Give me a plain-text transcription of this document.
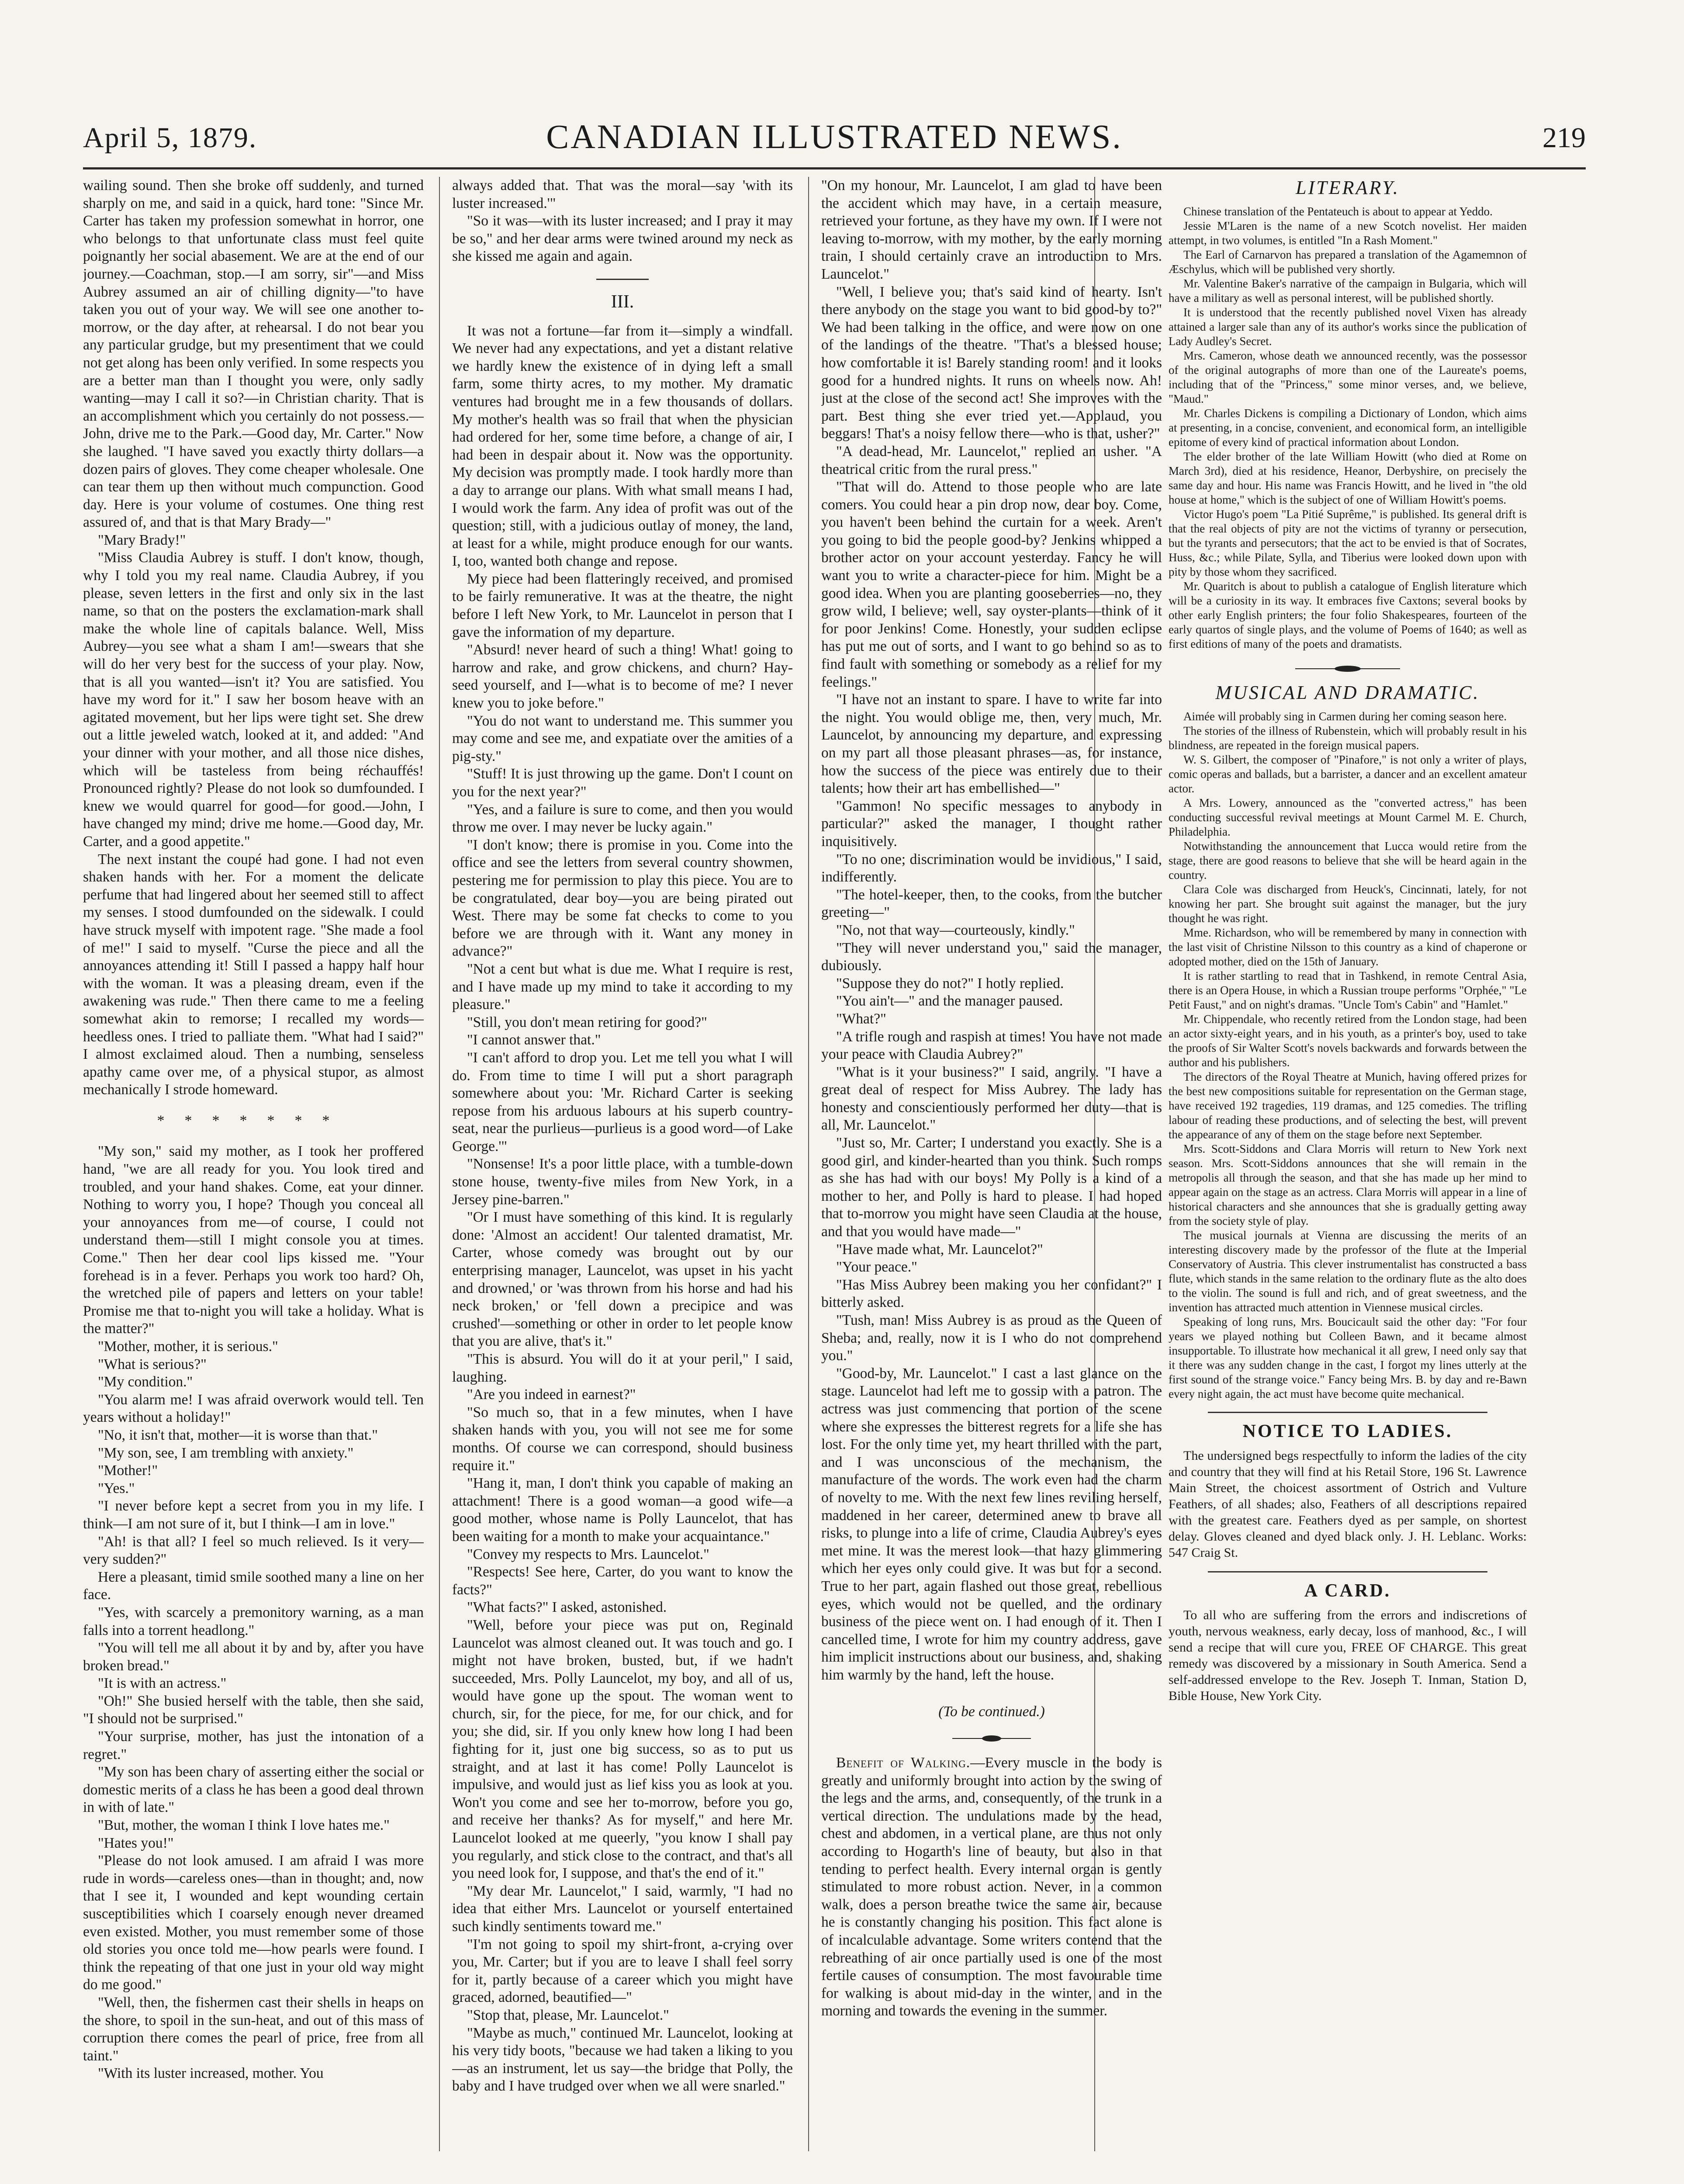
April 5, 1879.	CANADIAN ILLUSTRATED NEWS.	219

wailing sound. Then she broke off suddenly, and turned sharply on me, and said in a quick, hard tone: "Since Mr. Carter has taken my profession somewhat in horror, one who belongs to that unfortunate class must feel quite poignantly her social abasement. We are at the end of our journey.—Coachman, stop.—I am sorry, sir"—and Miss Aubrey assumed an air of chilling dignity—"to have taken you out of your way. We will see one another to-morrow, or the day after, at rehearsal. I do not bear you any particular grudge, but my presentiment that we could not get along has been only verified. In some respects you are a better man than I thought you were, only sadly wanting—may I call it so?—in Christian charity. That is an accomplishment which you certainly do not possess.—John, drive me to the Park.—Good day, Mr. Carter." Now she laughed. "I have saved you exactly thirty dollars—a dozen pairs of gloves. They come cheaper wholesale. One can tear them up then without much compunction. Good day. Here is your volume of costumes. One thing rest assured of, and that is that Mary Brady—"

"Mary Brady!"

"Miss Claudia Aubrey is stuff. I don't know, though, why I told you my real name. Claudia Aubrey, if you please, seven letters in the first and only six in the last name, so that on the posters the exclamation-mark shall make the whole line of capitals balance. Well, Miss Aubrey—you see what a sham I am!—swears that she will do her very best for the success of your play. Now, that is all you wanted—isn't it? You are satisfied. You have my word for it." I saw her bosom heave with an agitated movement, but her lips were tight set. She drew out a little jeweled watch, looked at it, and added: "And your dinner with your mother, and all those nice dishes, which will be tasteless from being réchauffés! Pronounced rightly? Please do not look so dumfounded. I knew we would quarrel for good—for good.—John, I have changed my mind; drive me home.—Good day, Mr. Carter, and a good appetite."

The next instant the coupé had gone. I had not even shaken hands with her. For a moment the delicate perfume that had lingered about her seemed still to affect my senses. I stood dumfounded on the sidewalk. I could have struck myself with impotent rage. "She made a fool of me!" I said to myself. "Curse the piece and all the annoyances attending it! Still I passed a happy half hour with the woman. It was a pleasing dream, even if the awakening was rude." Then there came to me a feeling somewhat akin to remorse; I recalled my words—heedless ones. I tried to palliate them. "What had I said?" I almost exclaimed aloud. Then a numbing, senseless apathy came over me, of a physical stupor, as almost mechanically I strode homeward.

*******

"My son," said my mother, as I took her proffered hand, "we are all ready for you. You look tired and troubled, and your hand shakes. Come, eat your dinner. Nothing to worry you, I hope? Though you conceal all your annoyances from me—of course, I could not understand them—still I might console you at times. Come." Then her dear cool lips kissed me. "Your forehead is in a fever. Perhaps you work too hard? Oh, the wretched pile of papers and letters on your table! Promise me that to-night you will take a holiday. What is the matter?"

"Mother, mother, it is serious."

"What is serious?"

"My condition."

"You alarm me! I was afraid overwork would tell. Ten years without a holiday!"

"No, it isn't that, mother—it is worse than that."

"My son, see, I am trembling with anxiety."

"Mother!"

"Yes."

"I never before kept a secret from you in my life. I think—I am not sure of it, but I think—I am in love."

"Ah! is that all? I feel so much relieved. Is it very—very sudden?"

Here a pleasant, timid smile soothed many a line on her face.

"Yes, with scarcely a premonitory warning, as a man falls into a torrent headlong."

"You will tell me all about it by and by, after you have broken bread."

"It is with an actress."

"Oh!" She busied herself with the table, then she said, "I should not be surprised."

"Your surprise, mother, has just the intonation of a regret."

"My son has been chary of asserting either the social or domestic merits of a class he has been a good deal thrown in with of late."

"But, mother, the woman I think I love hates me."

"Hates you!"

"Please do not look amused. I am afraid I was more rude in words—careless ones—than in thought; and, now that I see it, I wounded and kept wounding certain susceptibilities which I coarsely enough never dreamed even existed. Mother, you must remember some of those old stories you once told me—how pearls were found. I think the repeating of that one just in your old way might do me good."

"Well, then, the fishermen cast their shells in heaps on the shore, to spoil in the sun-heat, and out of this mass of corruption there comes the pearl of price, free from all taint."

"With its luster increased, mother. You

always added that. That was the moral—say 'with its luster increased.'"

"So it was—with its luster increased; and I pray it may be so," and her dear arms were twined around my neck as she kissed me again and again.

III.

It was not a fortune—far from it—simply a windfall. We never had any expectations, and yet a distant relative we hardly knew the existence of in dying left a small farm, some thirty acres, to my mother. My dramatic ventures had brought me in a few thousands of dollars. My mother's health was so frail that when the physician had ordered for her, some time before, a change of air, I had been in despair about it. Now was the opportunity. My decision was promptly made. I took hardly more than a day to arrange our plans. With what small means I had, I would work the farm. Any idea of profit was out of the question; still, with a judicious outlay of money, the land, at least for a while, might produce enough for our wants. I, too, wanted both change and repose.

My piece had been flatteringly received, and promised to be fairly remunerative. It was at the theatre, the night before I left New York, to Mr. Launcelot in person that I gave the information of my departure.

"Absurd! never heard of such a thing! What! going to harrow and rake, and grow chickens, and churn? Hay-seed yourself, and I—what is to become of me? I never knew you to joke before."

"You do not want to understand me. This summer you may come and see me, and expatiate over the amities of a pig-sty."

"Stuff! It is just throwing up the game. Don't I count on you for the next year?"

"Yes, and a failure is sure to come, and then you would throw me over. I may never be lucky again."

"I don't know; there is promise in you. Come into the office and see the letters from several country showmen, pestering me for permission to play this piece. You are to be congratulated, dear boy—you are being pirated out West. There may be some fat checks to come to you before we are through with it. Want any money in advance?"

"Not a cent but what is due me. What I require is rest, and I have made up my mind to take it according to my pleasure."

"Still, you don't mean retiring for good?"

"I cannot answer that."

"I can't afford to drop you. Let me tell you what I will do. From time to time I will put a short paragraph somewhere about you: 'Mr. Richard Carter is seeking repose from his arduous labours at his superb country-seat, near the purlieus—purlieus is a good word—of Lake George.'"

"Nonsense! It's a poor little place, with a tumble-down stone house, twenty-five miles from New York, in a Jersey pine-barren."

"Or I must have something of this kind. It is regularly done: 'Almost an accident! Our talented dramatist, Mr. Carter, whose comedy was brought out by our enterprising manager, Launcelot, was upset in his yacht and drowned,' or 'was thrown from his horse and had his neck broken,' or 'fell down a precipice and was crushed'—something or other in order to let people know that you are alive, that's it."

"This is absurd. You will do it at your peril," I said, laughing.

"Are you indeed in earnest?"

"So much so, that in a few minutes, when I have shaken hands with you, you will not see me for some months. Of course we can correspond, should business require it."

"Hang it, man, I don't think you capable of making an attachment! There is a good woman—a good wife—a good mother, whose name is Polly Launcelot, that has been waiting for a month to make your acquaintance."

"Convey my respects to Mrs. Launcelot."

"Respects! See here, Carter, do you want to know the facts?"

"What facts?" I asked, astonished.

"Well, before your piece was put on, Reginald Launcelot was almost cleaned out. It was touch and go. I might not have broken, busted, but, if we hadn't succeeded, Mrs. Polly Launcelot, my boy, and all of us, would have gone up the spout. The woman went to church, sir, for the piece, for me, for our chick, and for you; she did, sir. If you only knew how long I had been fighting for it, just one big success, so as to put us straight, and at last it has come! Polly Launcelot is impulsive, and would just as lief kiss you as look at you. Won't you come and see her to-morrow, before you go, and receive her thanks? As for myself," and here Mr. Launcelot looked at me queerly, "you know I shall pay you regularly, and stick close to the contract, and that's all you need look for, I suppose, and that's the end of it."

"My dear Mr. Launcelot," I said, warmly, "I had no idea that either Mrs. Launcelot or yourself entertained such kindly sentiments toward me."

"I'm not going to spoil my shirt-front, a-crying over you, Mr. Carter; but if you are to leave I shall feel sorry for it, partly because of a career which you might have graced, adorned, beautified—"

"Stop that, please, Mr. Launcelot."

"Maybe as much," continued Mr. Launcelot, looking at his very tidy boots, "because we had taken a liking to you—as an instrument, let us say—the bridge that Polly, the baby and I have trudged over when we all were snarled."

"On my honour, Mr. Launcelot, I am glad to have been the accident which may have, in a certain measure, retrieved your fortune, as they have my own. If I were not leaving to-morrow, with my mother, by the early morning train, I should certainly crave an introduction to Mrs. Launcelot."

"Well, I believe you; that's said kind of hearty. Isn't there anybody on the stage you want to bid good-by to?" We had been talking in the office, and were now on one of the landings of the theatre. "That's a blessed house; how comfortable it is! Barely standing room! and it looks good for a hundred nights. It runs on wheels now. Ah! just at the close of the second act! She improves with the part. Best thing she ever tried yet.—Applaud, you beggars! That's a noisy fellow there—who is that, usher?"

"A dead-head, Mr. Launcelot," replied an usher. "A theatrical critic from the rural press."

"That will do. Attend to those people who are late comers. You could hear a pin drop now, dear boy. Come, you haven't been behind the curtain for a week. Aren't you going to bid the people good-by? Jenkins whipped a brother actor on your account yesterday. Fancy he will want you to write a character-piece for him. Might be a good idea. When you are planting gooseberries—no, they grow wild, I believe; well, say oyster-plants—think of it for poor Jenkins! Come. Honestly, your sudden eclipse has put me out of sorts, and I want to go behind so as to find fault with something or somebody as a relief for my feelings."

"I have not an instant to spare. I have to write far into the night. You would oblige me, then, very much, Mr. Launcelot, by announcing my departure, and expressing on my part all those pleasant phrases—as, for instance, how the success of the piece was entirely due to their talents; how their art has embellished—"

"Gammon! No specific messages to anybody in particular?" asked the manager, I thought rather inquisitively.

"To no one; discrimination would be invidious," I said, indifferently.

"The hotel-keeper, then, to the cooks, from the butcher greeting—"

"No, not that way—courteously, kindly."

"They will never understand you," said the manager, dubiously.

"Suppose they do not?" I hotly replied.

"You ain't—" and the manager paused.

"What?"

"A trifle rough and raspish at times! You have not made your peace with Claudia Aubrey?"

"What is it your business?" I said, angrily. "I have a great deal of respect for Miss Aubrey. The lady has honesty and conscientiously performed her duty—that is all, Mr. Launcelot."

"Just so, Mr. Carter; I understand you exactly. She is a good girl, and kinder-hearted than you think. Such romps as she has had with our boys! My Polly is a kind of a mother to her, and Polly is hard to please. I had hoped that to-morrow you might have seen Claudia at the house, and that you would have made—"

"Have made what, Mr. Launcelot?"

"Your peace."

"Has Miss Aubrey been making you her confidant?" I bitterly asked.

"Tush, man! Miss Aubrey is as proud as the Queen of Sheba; and, really, now it is I who do not comprehend you."

"Good-by, Mr. Launcelot." I cast a last glance on the stage. Launcelot had left me to gossip with a patron. The actress was just commencing that portion of the scene where she expresses the bitterest regrets for a life she has lost. For the only time yet, my heart thrilled with the part, and I was unconscious of the mechanism, the manufacture of the words. The work even had the charm of novelty to me. With the next few lines reviling herself, maddened in her career, determined anew to brave all risks, to plunge into a life of crime, Claudia Aubrey's eyes met mine. It was the merest look—that hazy glimmering which her eyes only could give. It was but for a second. True to her part, again flashed out those great, rebellious eyes, which would not be quelled, and the ordinary business of the piece went on. I had enough of it. Then I cancelled time, I wrote for him my country address, gave him implicit instructions about our business, and, shaking him warmly by the hand, left the house.

(To be continued.)

Benefit of Walking.—Every muscle in the body is greatly and uniformly brought into action by the swing of the legs and the arms, and, consequently, of the trunk in a vertical direction. The undulations made by the head, chest and abdomen, in a vertical plane, are thus not only according to Hogarth's line of beauty, but also in that tending to perfect health. Every internal organ is gently stimulated to more robust action. Never, in a common walk, does a person breathe twice the same air, because he is constantly changing his position. This fact alone is of incalculable advantage. Some writers contend that the rebreathing of air once partially used is one of the most fertile causes of consumption. The most favourable time for walking is about mid-day in the winter, and in the morning and towards the evening in the summer.

LITERARY.

Chinese translation of the Pentateuch is about to appear at Yeddo.

Jessie M'Laren is the name of a new Scotch novelist. Her maiden attempt, in two volumes, is entitled "In a Rash Moment."

The Earl of Carnarvon has prepared a translation of the Agamemnon of Æschylus, which will be published very shortly.

Mr. Valentine Baker's narrative of the campaign in Bulgaria, which will have a military as well as personal interest, will be published shortly.

It is understood that the recently published novel Vixen has already attained a larger sale than any of its author's works since the publication of Lady Audley's Secret.

Mrs. Cameron, whose death we announced recently, was the possessor of the original autographs of more than one of the Laureate's poems, including that of the "Princess," some minor verses, and, we believe, "Maud."

Mr. Charles Dickens is compiling a Dictionary of London, which aims at presenting, in a concise, convenient, and economical form, an intelligible epitome of every kind of practical information about London.

The elder brother of the late William Howitt (who died at Rome on March 3rd), died at his residence, Heanor, Derbyshire, on precisely the same day and hour. His name was Francis Howitt, and he lived in "the old house at home," which is the subject of one of William Howitt's poems.

Victor Hugo's poem "La Pitié Suprême," is published. Its general drift is that the real objects of pity are not the victims of tyranny or persecution, but the tyrants and persecutors; that the act to be envied is that of Socrates, Huss, &c.; while Pilate, Sylla, and Tiberius were looked down upon with pity by those whom they sacrificed.

Mr. Quaritch is about to publish a catalogue of English literature which will be a curiosity in its way. It embraces five Caxtons; several books by other early English printers; the four folio Shakespeares, fourteen of the early quartos of single plays, and the volume of Poems of 1640; as well as first editions of many of the poets and dramatists.

MUSICAL AND DRAMATIC.

Aimée will probably sing in Carmen during her coming season here.

The stories of the illness of Rubenstein, which will probably result in his blindness, are repeated in the foreign musical papers.

W. S. Gilbert, the composer of "Pinafore," is not only a writer of plays, comic operas and ballads, but a barrister, a dancer and an excellent amateur actor.

A Mrs. Lowery, announced as the "converted actress," has been conducting successful revival meetings at Mount Carmel M. E. Church, Philadelphia.

Notwithstanding the announcement that Lucca would retire from the stage, there are good reasons to believe that she will be heard again in the country.

Clara Cole was discharged from Heuck's, Cincinnati, lately, for not knowing her part. She brought suit against the manager, but the jury thought he was right.

Mme. Richardson, who will be remembered by many in connection with the last visit of Christine Nilsson to this country as a kind of chaperone or adopted mother, died on the 15th of January.

It is rather startling to read that in Tashkend, in remote Central Asia, there is an Opera House, in which a Russian troupe performs "Orphée," "Le Petit Faust," and on night's dramas. "Uncle Tom's Cabin" and "Hamlet."

Mr. Chippendale, who recently retired from the London stage, had been an actor sixty-eight years, and in his youth, as a printer's boy, used to take the proofs of Sir Walter Scott's novels backwards and forwards between the author and his publishers.

The directors of the Royal Theatre at Munich, having offered prizes for the best new compositions suitable for representation on the German stage, have received 192 tragedies, 119 dramas, and 125 comedies. The trifling labour of reading these productions, and of selecting the best, will prevent the appearance of any of them on the stage before next September.

Mrs. Scott-Siddons and Clara Morris will return to New York next season. Mrs. Scott-Siddons announces that she will remain in the metropolis all through the season, and that she has made up her mind to appear again on the stage as an actress. Clara Morris will appear in a line of historical characters and she announces that she is gradually getting away from the society style of play.

The musical journals at Vienna are discussing the merits of an interesting discovery made by the professor of the flute at the Imperial Conservatory of Austria. This clever instrumentalist has constructed a bass flute, which stands in the same relation to the ordinary flute as the alto does to the violin. The sound is full and rich, and of great sweetness, and the invention has attracted much attention in Viennese musical circles.

Speaking of long runs, Mrs. Boucicault said the other day: "For four years we played nothing but Colleen Bawn, and it became almost insupportable. To illustrate how mechanical it all grew, I need only say that it there was any sudden change in the cast, I forgot my lines utterly at the first sound of the strange voice." Fancy being Mrs. B. by day and re-Bawn every night again, the act must have become quite mechanical.

NOTICE TO LADIES.

The undersigned begs respectfully to inform the ladies of the city and country that they will find at his Retail Store, 196 St. Lawrence Main Street, the choicest assortment of Ostrich and Vulture Feathers, of all shades; also, Feathers of all descriptions repaired with the greatest care. Feathers dyed as per sample, on shortest delay. Gloves cleaned and dyed black only. J. H. Leblanc. Works: 547 Craig St.

A CARD.

To all who are suffering from the errors and indiscretions of youth, nervous weakness, early decay, loss of manhood, &c., I will send a recipe that will cure you, FREE OF CHARGE. This great remedy was discovered by a missionary in South America. Send a self-addressed envelope to the Rev. Joseph T. Inman, Station D, Bible House, New York City.
